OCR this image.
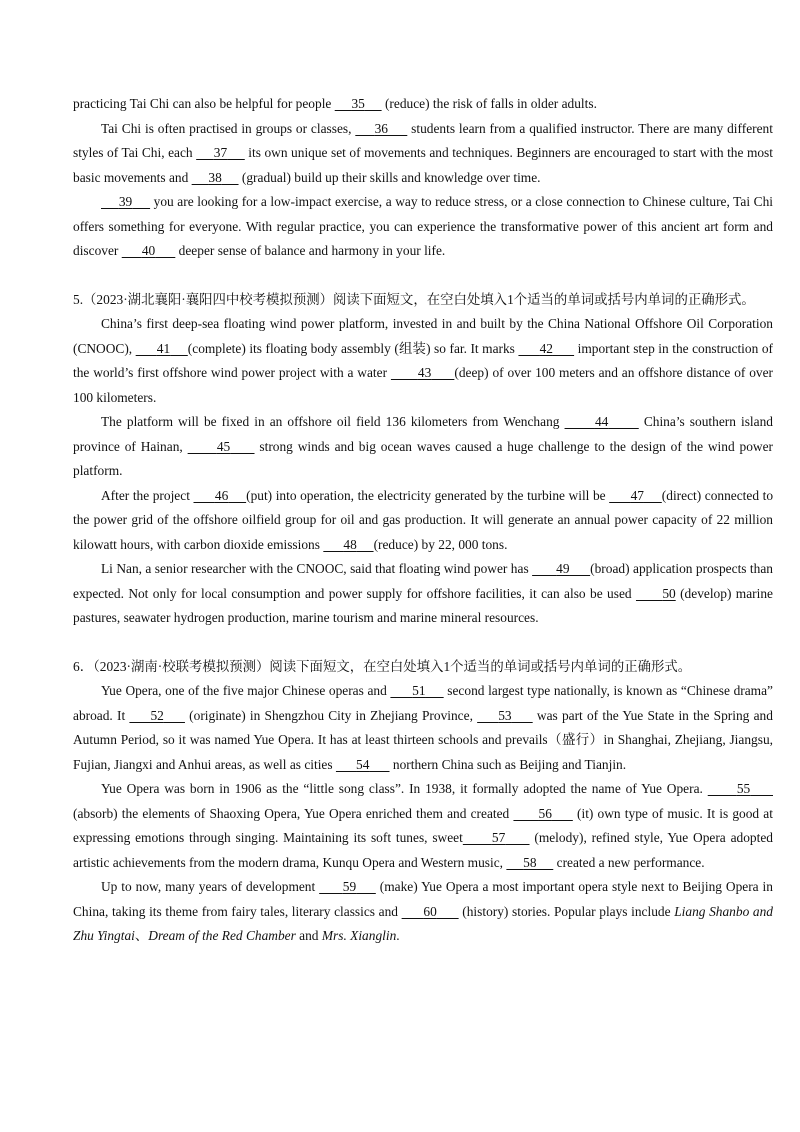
practicing Tai Chi can also be helpful for people 35 (reduce) the risk of falls in older adults.

Tai Chi is often practised in groups or classes, 36 students learn from a qualified instructor. There are many different styles of Tai Chi, each 37 its own unique set of movements and techniques. Beginners are encouraged to start with the most basic movements and 38 (gradual) build up their skills and knowledge over time.

39 you are looking for a low-impact exercise, a way to reduce stress, or a close connection to Chinese culture, Tai Chi offers something for everyone. With regular practice, you can experience the transformative power of this ancient art form and discover 40 deeper sense of balance and harmony in your life.

5.（2023·湖北襄阳·襄阳四中校考模拟预测）阅读下面短文，在空白处填入1个适当的单词或括号内单词的正确形式。

China’s first deep-sea floating wind power platform, invested in and built by the China National Offshore Oil Corporation (CNOOC), 41 (complete) its floating body assembly (组装) so far. It marks 42 important step in the construction of the world’s first offshore wind power project with a water 43 (deep) of over 100 meters and an offshore distance of over 100 kilometers.

The platform will be fixed in an offshore oil field 136 kilometers from Wenchang	44	China’s southern island province of Hainan,	45 strong winds and big ocean waves caused a huge challenge to the design of the wind power platform.

After the project 46 (put) into operation, the electricity generated by the turbine will be 47 (direct) connected to the power grid of the offshore oilfield group for oil and gas production. It will generate an annual power capacity of 22 million kilowatt hours, with carbon dioxide emissions 48 (reduce) by 22, 000 tons.

Li Nan, a senior researcher with the CNOOC, said that floating wind power has 49 (broad) application prospects than expected. Not only for local consumption and power supply for offshore facilities, it can also be used 50 (develop) marine pastures, seawater hydrogen production, marine tourism and marine mineral resources.

6．（2023·湖南·校联考模拟预测）阅读下面短文，在空白处填入1个适当的单词或括号内单词的正确形式。

Yue Opera, one of the five major Chinese operas and 51 second largest type nationally, is known as “Chinese drama” abroad. It 52 (originate) in Shengzhou City in Zhejiang Province, 53 was part of the Yue State in the Spring and Autumn Period, so it was named Yue Opera. It has at least thirteen schools and prevails（盛行）in Shanghai, Zhejiang, Jiangsu, Fujian, Jiangxi and Anhui areas, as well as cities 54 northern China such as Beijing and Tianjin.

Yue Opera was born in 1906 as the “little song class”. In 1938, it formally adopted the name of Yue Opera.	55      (absorb) the elements of Shaoxing Opera, Yue Opera enriched them and created 56 (it) own type of music. It is good at expressing emotions through singing. Maintaining its soft tunes, sweet 57 (melody), refined style, Yue Opera adopted artistic achievements from the modern drama, Kunqu Opera and Western music, 58 created a new performance.

Up to now, many years of development 59 (make) Yue Opera a most important opera style next to Beijing Opera in China, taking its theme from fairy tales, literary classics and 60 (history) stories. Popular plays include Liang Shanbo and Zhu Yingtai、Dream of the Red Chamber and Mrs. Xianglin.
